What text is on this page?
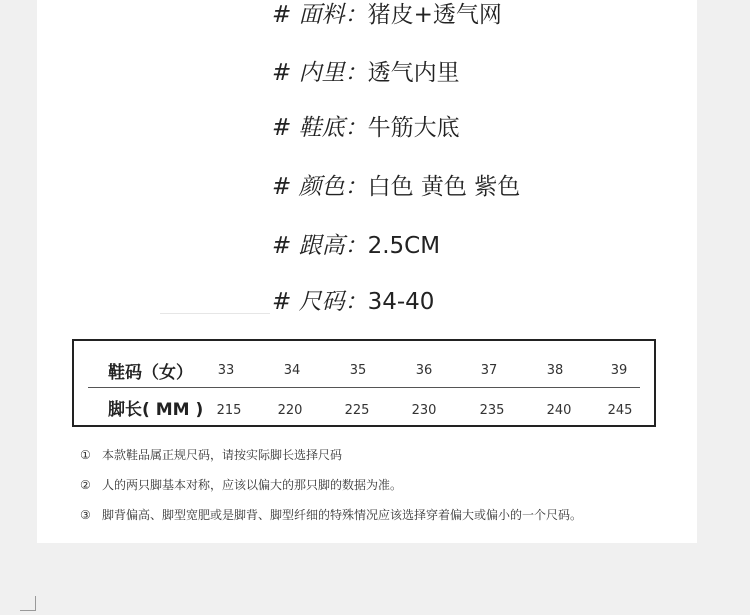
# 面料：猪皮+透气网
# 内里：透气内里
# 鞋底：牛筋大底
# 颜色：白色 黄色 紫色
# 跟高：2.5CM
# 尺码：34-40
鞋码（女）	33	34	35	36	37	38	39
脚长( MM )	215	220	225	230	235	240	245
① 本款鞋品属正规尺码，请按实际脚长选择尺码
② 人的两只脚基本对称，应该以偏大的那只脚的数据为准。
③ 脚背偏高、脚型宽肥或是脚背、脚型纤细的特殊情况应该选择穿着偏大或偏小的一个尺码。
